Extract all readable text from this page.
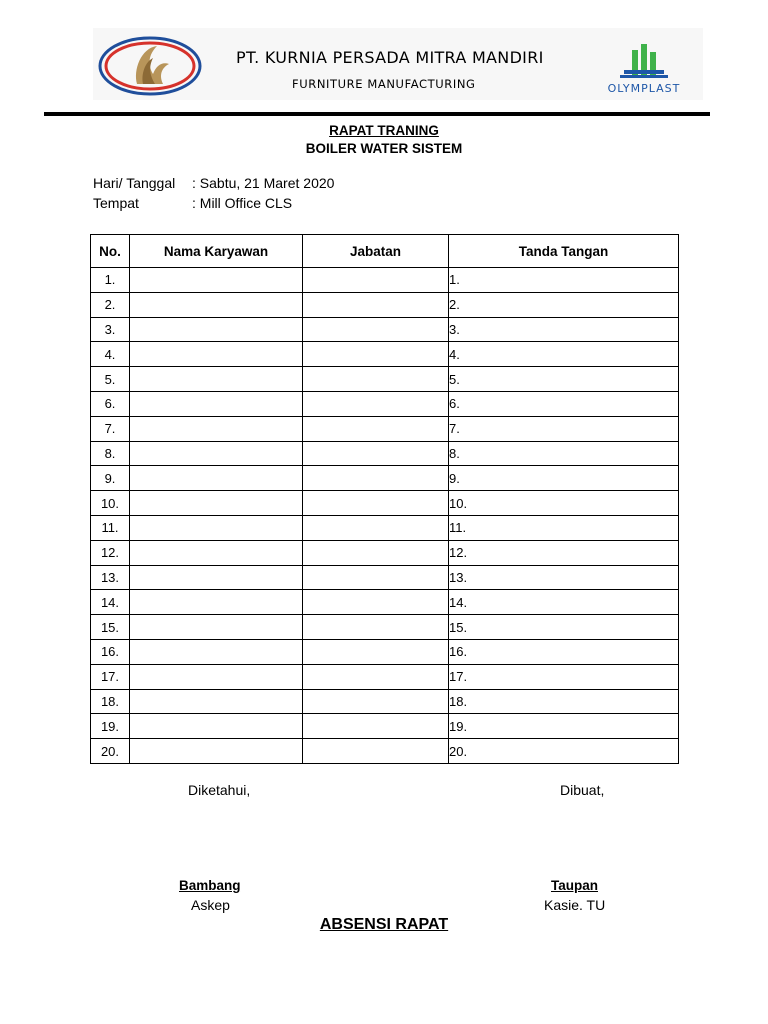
PT. KURNIA PERSADA MITRA MANDIRI
FURNITURE MANUFACTURING	OLYMPLAST
RAPAT TRANING
BOILER WATER SISTEM
Hari/ Tanggal : Sabtu, 21 Maret 2020
Tempat	: Mill Office CLS
No.	Nama Karyawan	Jabatan	Tanda Tangan
1.			1.
2.			2.
3.			3.
4.			4.
5.			5.
6.			6.
7.			7.
8.			8.
9.			9.
10.			10.
11.			11.
12.			12.
13.			13.
14.			14.
15.			15.
16.			16.
17.			17.
18.			18.
19.			19.
20.			20.
Diketahui,	Dibuat,
Bambang
Askep
Taupan
Kasie. TU
ABSENSI RAPAT
